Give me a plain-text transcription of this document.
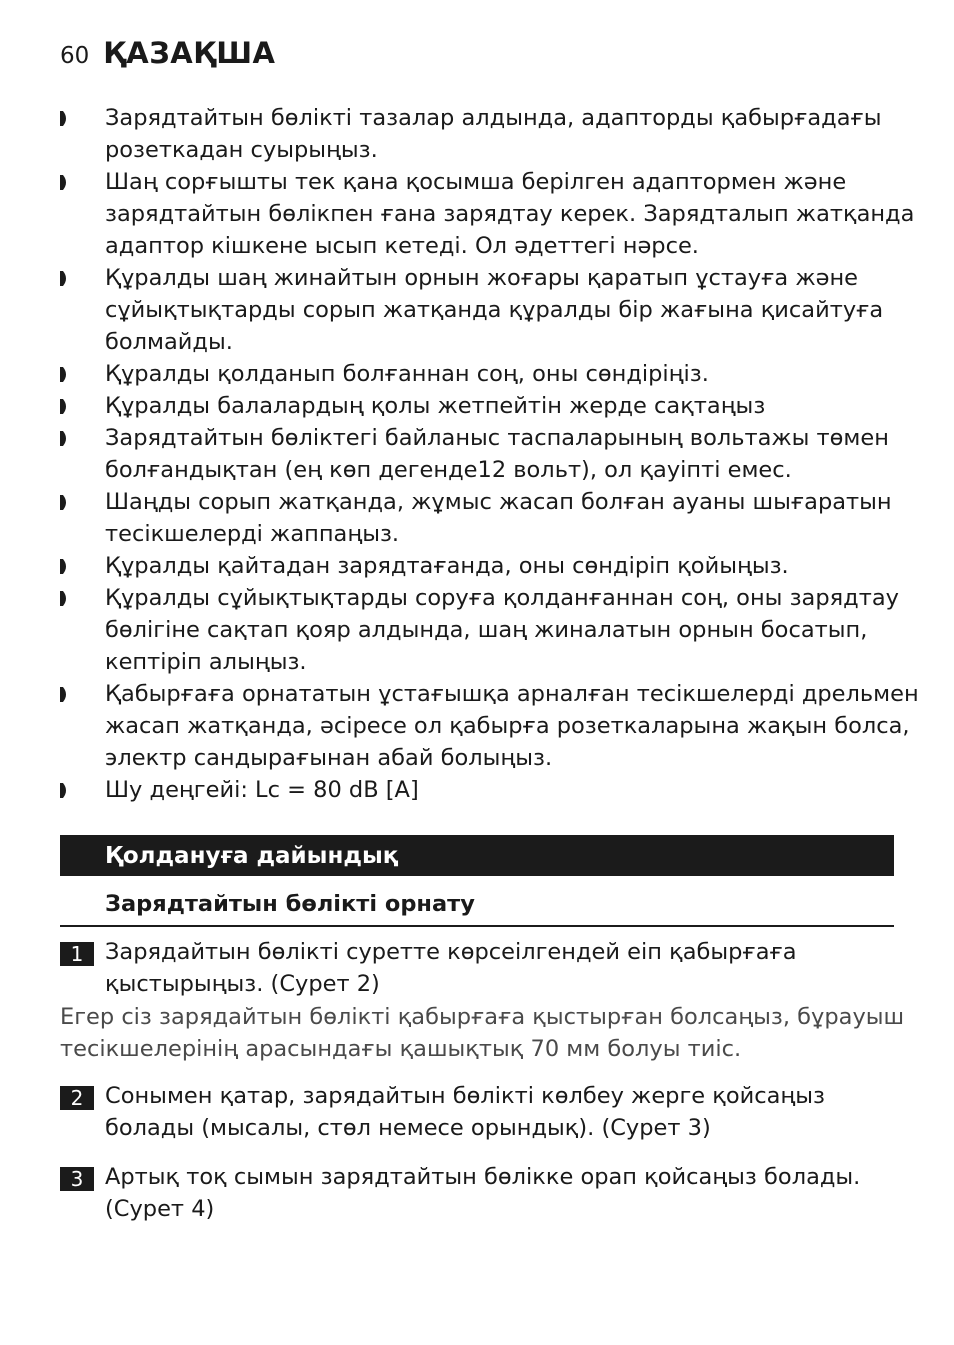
60 ҚАЗАҚША
Зарядтайтын бөлікті тазалар алдында, адапторды қабырғадағы розеткадан суырыңыз.
Шаң сорғышты тек қана қосымша берілген адаптормен және зарядтайтын бөлікпен ғана зарядтау керек. Зарядталып жатқанда адаптор кішкене ысып кетеді. Ол әдеттегі нәрсе.
Құралды шаң жинайтын орнын жоғары қаратып ұстауға және сұйықтықтарды сорып жатқанда құралды бір жағына қисайтуға болмайды.
Құралды қолданып болғаннан соң, оны сөндіріңіз.
Құралды балалардың қолы жетпейтін жерде сақтаңыз
Зарядтайтын бөліктегі байланыс таспаларының вольтажы төмен болғандықтан (ең көп дегенде12 вольт), ол қауіпті емес.
Шаңды сорып жатқанда, жұмыс жасап болған ауаны шығаратын тесікшелерді жаппаңыз.
Құралды қайтадан зарядтағанда, оны сөндіріп қойыңыз.
Құралды сұйықтықтарды соруға қолданғаннан соң, оны зарядтау бөлігіне сақтап қояр алдында, шаң жиналатын орнын босатып, кептіріп алыңыз.
Қабырғаға орнататын ұстағышқа арналған тесікшелерді дрельмен жасап жатқанда, әсіресе ол қабырға розеткаларына жақын болса, электр сандырағынан абай болыңыз.
Шу деңгейі: Lc = 80 dB [A]
Қолдануға дайындық
Зарядтайтын бөлікті орнату
1 Зарядайтын бөлікті суретте көрсеілгендей еіп қабырғаға қыстырыңыз. (Сурет 2)
Егер сіз зарядайтын бөлікті қабырғаға қыстырған болсаңыз, бұрауыш тесікшелерінің арасындағы қашықтық 70 мм болуы тиіс.
2 Сонымен қатар, зарядайтын бөлікті көлбеу жерге қойсаңыз болады (мысалы, стөл немесе орындық). (Сурет 3)
3 Артық тоқ сымын зарядтайтын бөлікке орап қойсаңыз болады. (Сурет 4)
